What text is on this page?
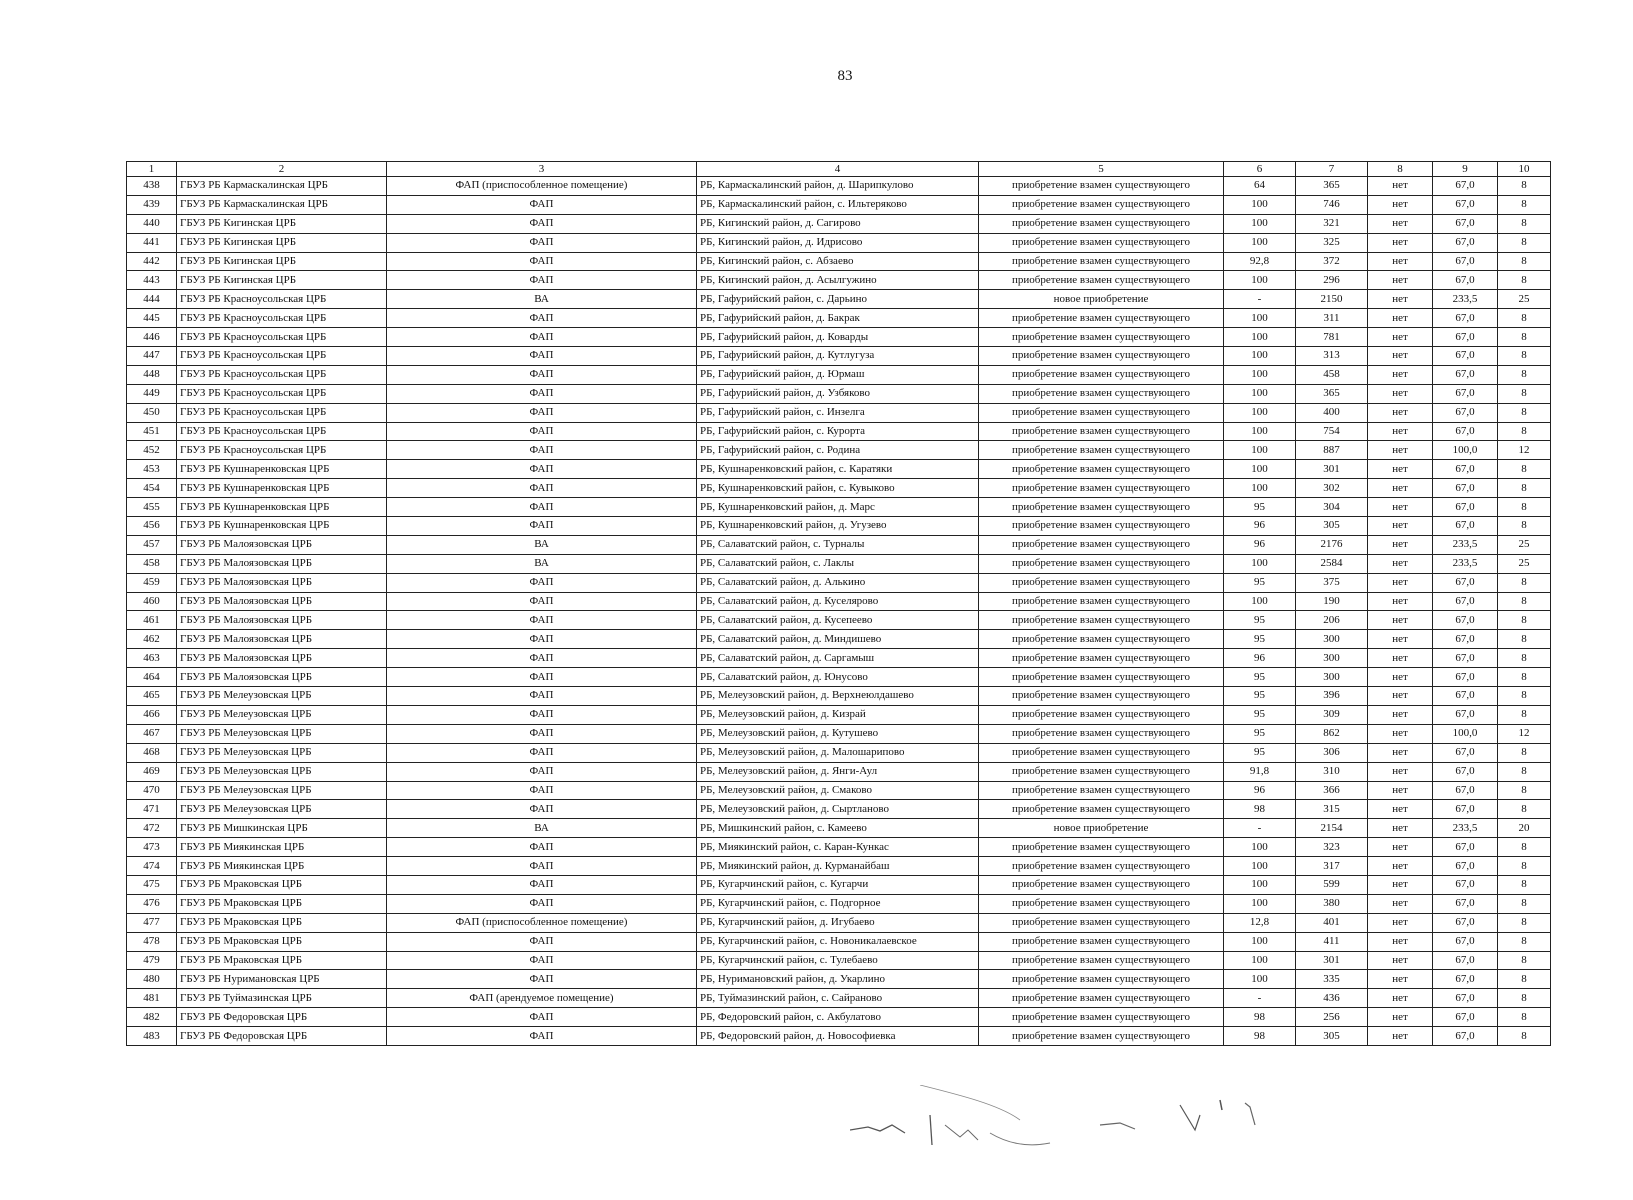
83
1	2	3	4	5	6	7	8	9	10
438	ГБУЗ РБ Кармаскалинская ЦРБ	ФАП (приспособленное помещение)	РБ, Кармаскалинский район, д. Шарипкулово	приобретение взамен существующего	64	365	нет	67,0	8
439	ГБУЗ РБ Кармаскалинская ЦРБ	ФАП	РБ, Кармаскалинский район, с. Ильтеряково	приобретение взамен существующего	100	746	нет	67,0	8
440	ГБУЗ РБ Кигинская ЦРБ	ФАП	РБ, Кигинский район, д. Сагирово	приобретение взамен существующего	100	321	нет	67,0	8
441	ГБУЗ РБ Кигинская ЦРБ	ФАП	РБ, Кигинский район, д. Идрисово	приобретение взамен существующего	100	325	нет	67,0	8
442	ГБУЗ РБ Кигинская ЦРБ	ФАП	РБ, Кигинский район, с. Абзаево	приобретение взамен существующего	92,8	372	нет	67,0	8
443	ГБУЗ РБ Кигинская ЦРБ	ФАП	РБ, Кигинский район, д. Асылгужино	приобретение взамен существующего	100	296	нет	67,0	8
444	ГБУЗ РБ Красноусольская ЦРБ	ВА	РБ, Гафурийский район, с. Дарьино	новое приобретение	-	2150	нет	233,5	25
445	ГБУЗ РБ Красноусольская ЦРБ	ФАП	РБ, Гафурийский район, д. Бакрак	приобретение взамен существующего	100	311	нет	67,0	8
446	ГБУЗ РБ Красноусольская ЦРБ	ФАП	РБ, Гафурийский район, д. Коварды	приобретение взамен существующего	100	781	нет	67,0	8
447	ГБУЗ РБ Красноусольская ЦРБ	ФАП	РБ, Гафурийский район, д. Кутлугуза	приобретение взамен существующего	100	313	нет	67,0	8
448	ГБУЗ РБ Красноусольская ЦРБ	ФАП	РБ, Гафурийский район, д. Юрмаш	приобретение взамен существующего	100	458	нет	67,0	8
449	ГБУЗ РБ Красноусольская ЦРБ	ФАП	РБ, Гафурийский район, д. Узбяково	приобретение взамен существующего	100	365	нет	67,0	8
450	ГБУЗ РБ Красноусольская ЦРБ	ФАП	РБ, Гафурийский район, с. Инзелга	приобретение взамен существующего	100	400	нет	67,0	8
451	ГБУЗ РБ Красноусольская ЦРБ	ФАП	РБ, Гафурийский район, с. Курорта	приобретение взамен существующего	100	754	нет	67,0	8
452	ГБУЗ РБ Красноусольская ЦРБ	ФАП	РБ, Гафурийский район, с. Родина	приобретение взамен существующего	100	887	нет	100,0	12
453	ГБУЗ РБ Кушнаренковская ЦРБ	ФАП	РБ, Кушнаренковский район, с. Каратяки	приобретение взамен существующего	100	301	нет	67,0	8
454	ГБУЗ РБ Кушнаренковская ЦРБ	ФАП	РБ, Кушнаренковский район, с. Кувыково	приобретение взамен существующего	100	302	нет	67,0	8
455	ГБУЗ РБ Кушнаренковская ЦРБ	ФАП	РБ, Кушнаренковский район, д. Марс	приобретение взамен существующего	95	304	нет	67,0	8
456	ГБУЗ РБ Кушнаренковская ЦРБ	ФАП	РБ, Кушнаренковский район, д. Угузево	приобретение взамен существующего	96	305	нет	67,0	8
457	ГБУЗ РБ Малоязовская ЦРБ	ВА	РБ, Салаватский район, с. Турналы	приобретение взамен существующего	96	2176	нет	233,5	25
458	ГБУЗ РБ Малоязовская ЦРБ	ВА	РБ, Салаватский район, с. Лаклы	приобретение взамен существующего	100	2584	нет	233,5	25
459	ГБУЗ РБ Малоязовская ЦРБ	ФАП	РБ, Салаватский район, д. Алькино	приобретение взамен существующего	95	375	нет	67,0	8
460	ГБУЗ РБ Малоязовская ЦРБ	ФАП	РБ, Салаватский район, д. Куселярово	приобретение взамен существующего	100	190	нет	67,0	8
461	ГБУЗ РБ Малоязовская ЦРБ	ФАП	РБ, Салаватский район, д. Кусепеево	приобретение взамен существующего	95	206	нет	67,0	8
462	ГБУЗ РБ Малоязовская ЦРБ	ФАП	РБ, Салаватский район, д. Миндишево	приобретение взамен существующего	95	300	нет	67,0	8
463	ГБУЗ РБ Малоязовская ЦРБ	ФАП	РБ, Салаватский район, д. Саргамыш	приобретение взамен существующего	96	300	нет	67,0	8
464	ГБУЗ РБ Малоязовская ЦРБ	ФАП	РБ, Салаватский район, д. Юнусово	приобретение взамен существующего	95	300	нет	67,0	8
465	ГБУЗ РБ Мелеузовская ЦРБ	ФАП	РБ, Мелеузовский район, д. Верхнеюлдашево	приобретение взамен существующего	95	396	нет	67,0	8
466	ГБУЗ РБ Мелеузовская ЦРБ	ФАП	РБ, Мелеузовский район, д. Кизрай	приобретение взамен существующего	95	309	нет	67,0	8
467	ГБУЗ РБ Мелеузовская ЦРБ	ФАП	РБ, Мелеузовский район, д. Кутушево	приобретение взамен существующего	95	862	нет	100,0	12
468	ГБУЗ РБ Мелеузовская ЦРБ	ФАП	РБ, Мелеузовский район, д. Малошарипово	приобретение взамен существующего	95	306	нет	67,0	8
469	ГБУЗ РБ Мелеузовская ЦРБ	ФАП	РБ, Мелеузовский район, д. Янги-Аул	приобретение взамен существующего	91,8	310	нет	67,0	8
470	ГБУЗ РБ Мелеузовская ЦРБ	ФАП	РБ, Мелеузовский район, д. Смаково	приобретение взамен существующего	96	366	нет	67,0	8
471	ГБУЗ РБ Мелеузовская ЦРБ	ФАП	РБ, Мелеузовский район, д. Сыртланово	приобретение взамен существующего	98	315	нет	67,0	8
472	ГБУЗ РБ Мишкинская ЦРБ	ВА	РБ, Мишкинский район, с. Камеево	новое приобретение	-	2154	нет	233,5	20
473	ГБУЗ РБ Миякинская ЦРБ	ФАП	РБ, Миякинский район, с. Каран-Кункас	приобретение взамен существующего	100	323	нет	67,0	8
474	ГБУЗ РБ Миякинская ЦРБ	ФАП	РБ, Миякинский район, д. Курманайбаш	приобретение взамен существующего	100	317	нет	67,0	8
475	ГБУЗ РБ Мраковская ЦРБ	ФАП	РБ, Кугарчинский район, с. Кугарчи	приобретение взамен существующего	100	599	нет	67,0	8
476	ГБУЗ РБ Мраковская ЦРБ	ФАП	РБ, Кугарчинский район, с. Подгорное	приобретение взамен существующего	100	380	нет	67,0	8
477	ГБУЗ РБ Мраковская ЦРБ	ФАП (приспособленное помещение)	РБ, Кугарчинский район, д. Игубаево	приобретение взамен существующего	12,8	401	нет	67,0	8
478	ГБУЗ РБ Мраковская ЦРБ	ФАП	РБ, Кугарчинский район, с. Новоникалаевское	приобретение взамен существующего	100	411	нет	67,0	8
479	ГБУЗ РБ Мраковская ЦРБ	ФАП	РБ, Кугарчинский район, с. Тулебаево	приобретение взамен существующего	100	301	нет	67,0	8
480	ГБУЗ РБ Нуримановская ЦРБ	ФАП	РБ, Нуримановский район, д. Укарлино	приобретение взамен существующего	100	335	нет	67,0	8
481	ГБУЗ РБ Туймазинская ЦРБ	ФАП (арендуемое помещение)	РБ, Туймазинский район, с. Сайраново	приобретение взамен существующего	-	436	нет	67,0	8
482	ГБУЗ РБ Федоровская ЦРБ	ФАП	РБ, Федоровский район, с. Акбулатово	приобретение взамен существующего	98	256	нет	67,0	8
483	ГБУЗ РБ Федоровская ЦРБ	ФАП	РБ, Федоровский район, д. Новософиевка	приобретение взамен существующего	98	305	нет	67,0	8
